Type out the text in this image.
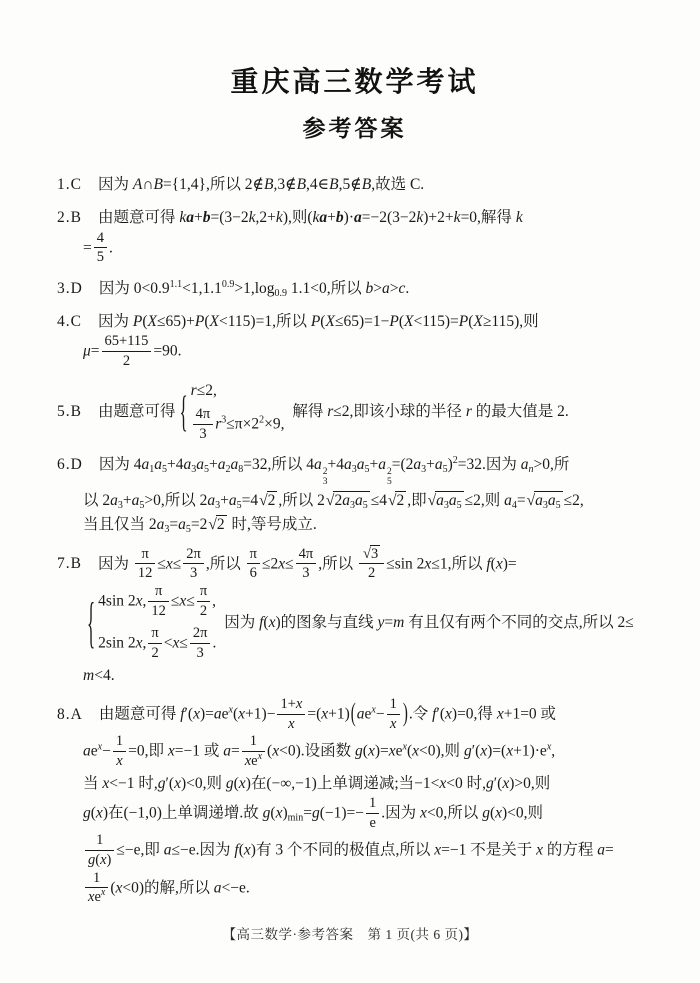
重庆高三数学考试
参考答案
1.C 因为 A∩B={1,4},所以 2∉B,3∉B,4∈B,5∉B,故选 C.
2.B 由题意可得 ka+b=(3−2k,2+k),则(ka+b)·a=−2(3−2k)+2+k=0,解得 k
= $\frac{4}{5}$ .
3.D 因为 $0<0.9^{1.1}<1,1.1^{0.9}>1,\log_{0.9}$ 1.1<0,所以 b>a>c.
4.C 因为 P(X≤65)+P(X<115)=1,所以 P(X≤65)=1−P(X<115)=P(X≥115),则
$\mu= \frac{65+115}{2} =90$.
5.B 由题意可得 { r≤2,
$\frac{4\pi}{3} r^3\le\pi\times 2^2\times 9$,
解得 r≤2,即该小球的半径 r 的最大值是 2.
6.D 因为 $4a_1a_5+4a_3a_5+a_2a_8=32$,所以 4a 2
3
$+4a_3a_5+a$ 2
5
$=(2a_3+a_5)^2=32$.因为 $a_n>0$,所
以 $2a_3+a_5>0$,所以 $2a_3+a_5=4√2$ ,所以 $2√2a_3a_5 \le 4√2$ ,即$√a_3a_5 \le 2$,则 $a_4=√a_3a_5 \le 2$,
当且仅当 $2a_3=a_5=2√2$ 时,等号成立.
7.B 因为 $\frac{\pi}{12} \le x\le \frac{2\pi}{3}$ ,所以 $\frac{\pi}{6} \le 2x\le \frac{4\pi}{3}$ ,所以 $\frac{√3}{2} \le\sin$ 2x≤1,所以 f(x)=
{ 4sin 2x, $\frac{\pi}{12} \le x\le \frac{\pi}{2}$ ,
2sin 2x, $\frac{\pi}{2} <x\le \frac{2\pi}{3}$ .
因为 f(x)的图象与直线 y=m 有且仅有两个不同的交点,所以 2≤
m<4.
8.A 由题意可得 $f'(x)=ae^x(x+1)- \frac{1+x}{x} =(x+1)(ae^x- \frac{1}{x}$ ).令 f′(x)=0,得 x+1=0 或
$ae^x- \frac{1}{x} =0$,即 x=−1 或 $a= \frac{1}{xe^x} (x<0)$.设函数 $g(x)=xe^x(x<0)$,则 $g'(x)=(x+1)\cdot e^x$,
当 x<−1 时,g′(x)<0,则 g(x)在(−∞,−1)上单调递减;当−1<x<0 时,g′(x)>0,则
g(x)在(−1,0)上单调递增.故 $g(x)_{min}=g(-1)=- \frac{1}{e}$ .因为 x<0,所以 g(x)<0,则
$\frac{1}{g(x)} \le-e$,即 a≤−e.因为 f(x)有 3 个不同的极值点,所以 x=−1 不是关于 x 的方程 a=
$\frac{1}{xe^x} (x<0)$的解,所以 a<−e.
【高三数学·参考答案　第 1 页(共 6 页)】
